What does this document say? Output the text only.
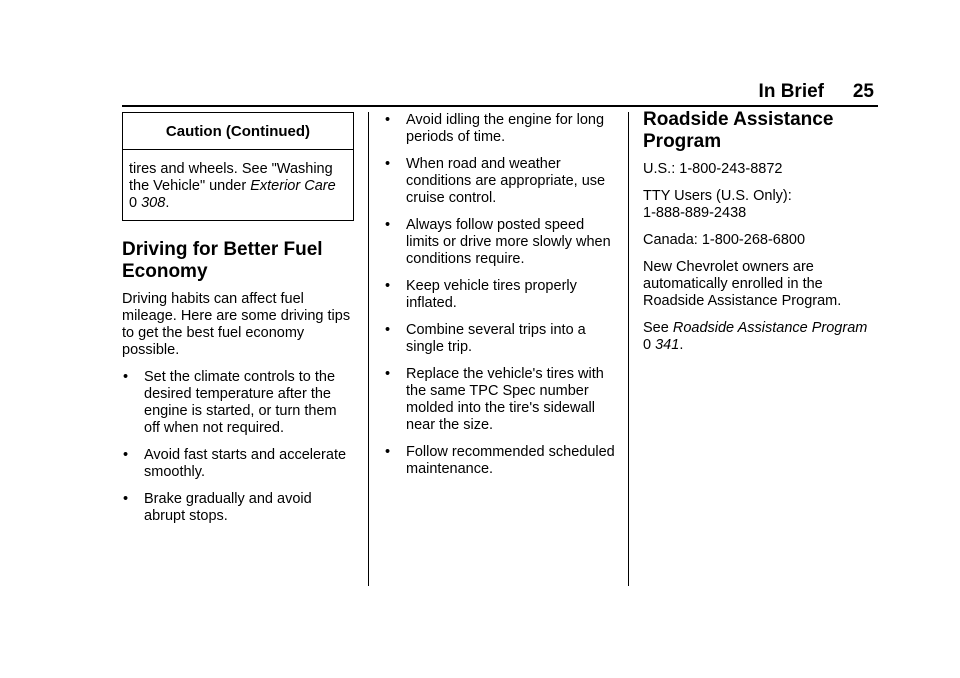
In Brief 25
Caution (Continued)
tires and wheels. See "Washing the Vehicle" under Exterior Care
0 308.
Driving for Better Fuel Economy

Driving habits can affect fuel mileage. Here are some driving tips to get the best fuel economy possible.

• Set the climate controls to the desired temperature after the engine is started, or turn them off when not required.
• Avoid fast starts and accelerate smoothly.
• Brake gradually and avoid abrupt stops.
• Avoid idling the engine for long periods of time.
• When road and weather conditions are appropriate, use cruise control.
• Always follow posted speed limits or drive more slowly when conditions require.
• Keep vehicle tires properly inflated.
• Combine several trips into a single trip.
• Replace the vehicle's tires with the same TPC Spec number molded into the tire's sidewall near the size.
• Follow recommended scheduled maintenance.
Roadside Assistance Program

U.S.: 1-800-243-8872

TTY Users (U.S. Only):

1-888-889-2438

Canada: 1-800-268-6800

New Chevrolet owners are automatically enrolled in the Roadside Assistance Program.

See Roadside Assistance Program
0 341.
